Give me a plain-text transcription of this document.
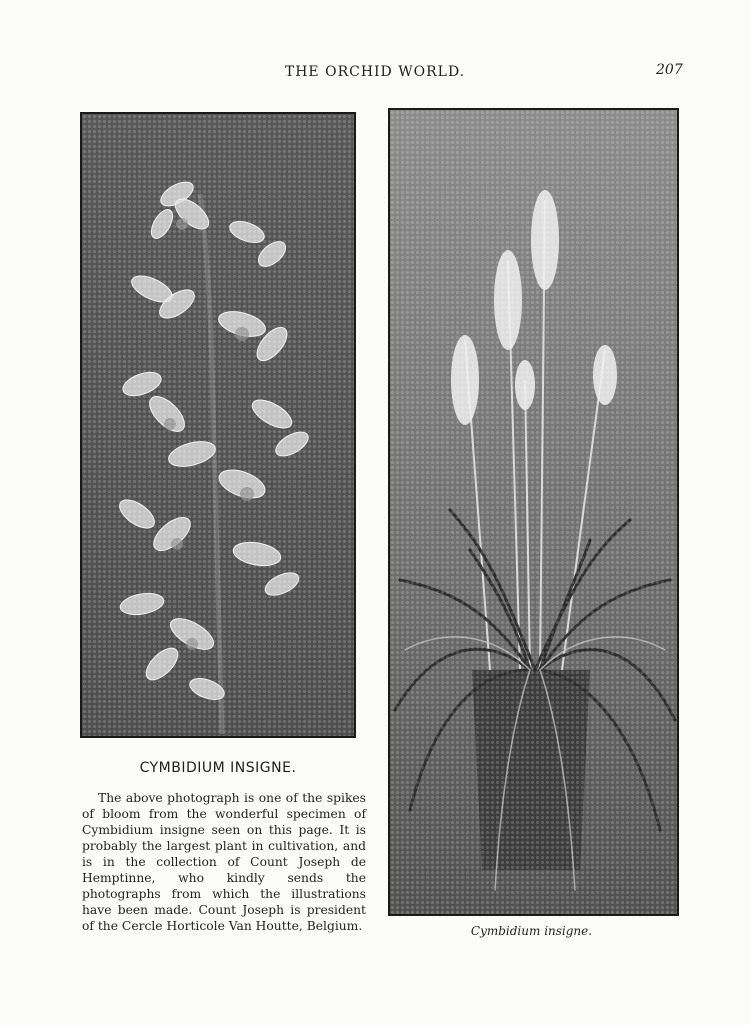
THE ORCHID WORLD.	207
CYMBIDIUM INSIGNE.
The above photograph is one of the spikes of bloom from the wonderful specimen of Cymbidium insigne seen on this page. It is probably the largest plant in cultivation, and is in the collection of Count Joseph de Hemptinne, who kindly sends the photographs from which the illustrations have been made. Count Joseph is president of the Cercle Horticole Van Houtte, Belgium.	Cymbidium insigne.
